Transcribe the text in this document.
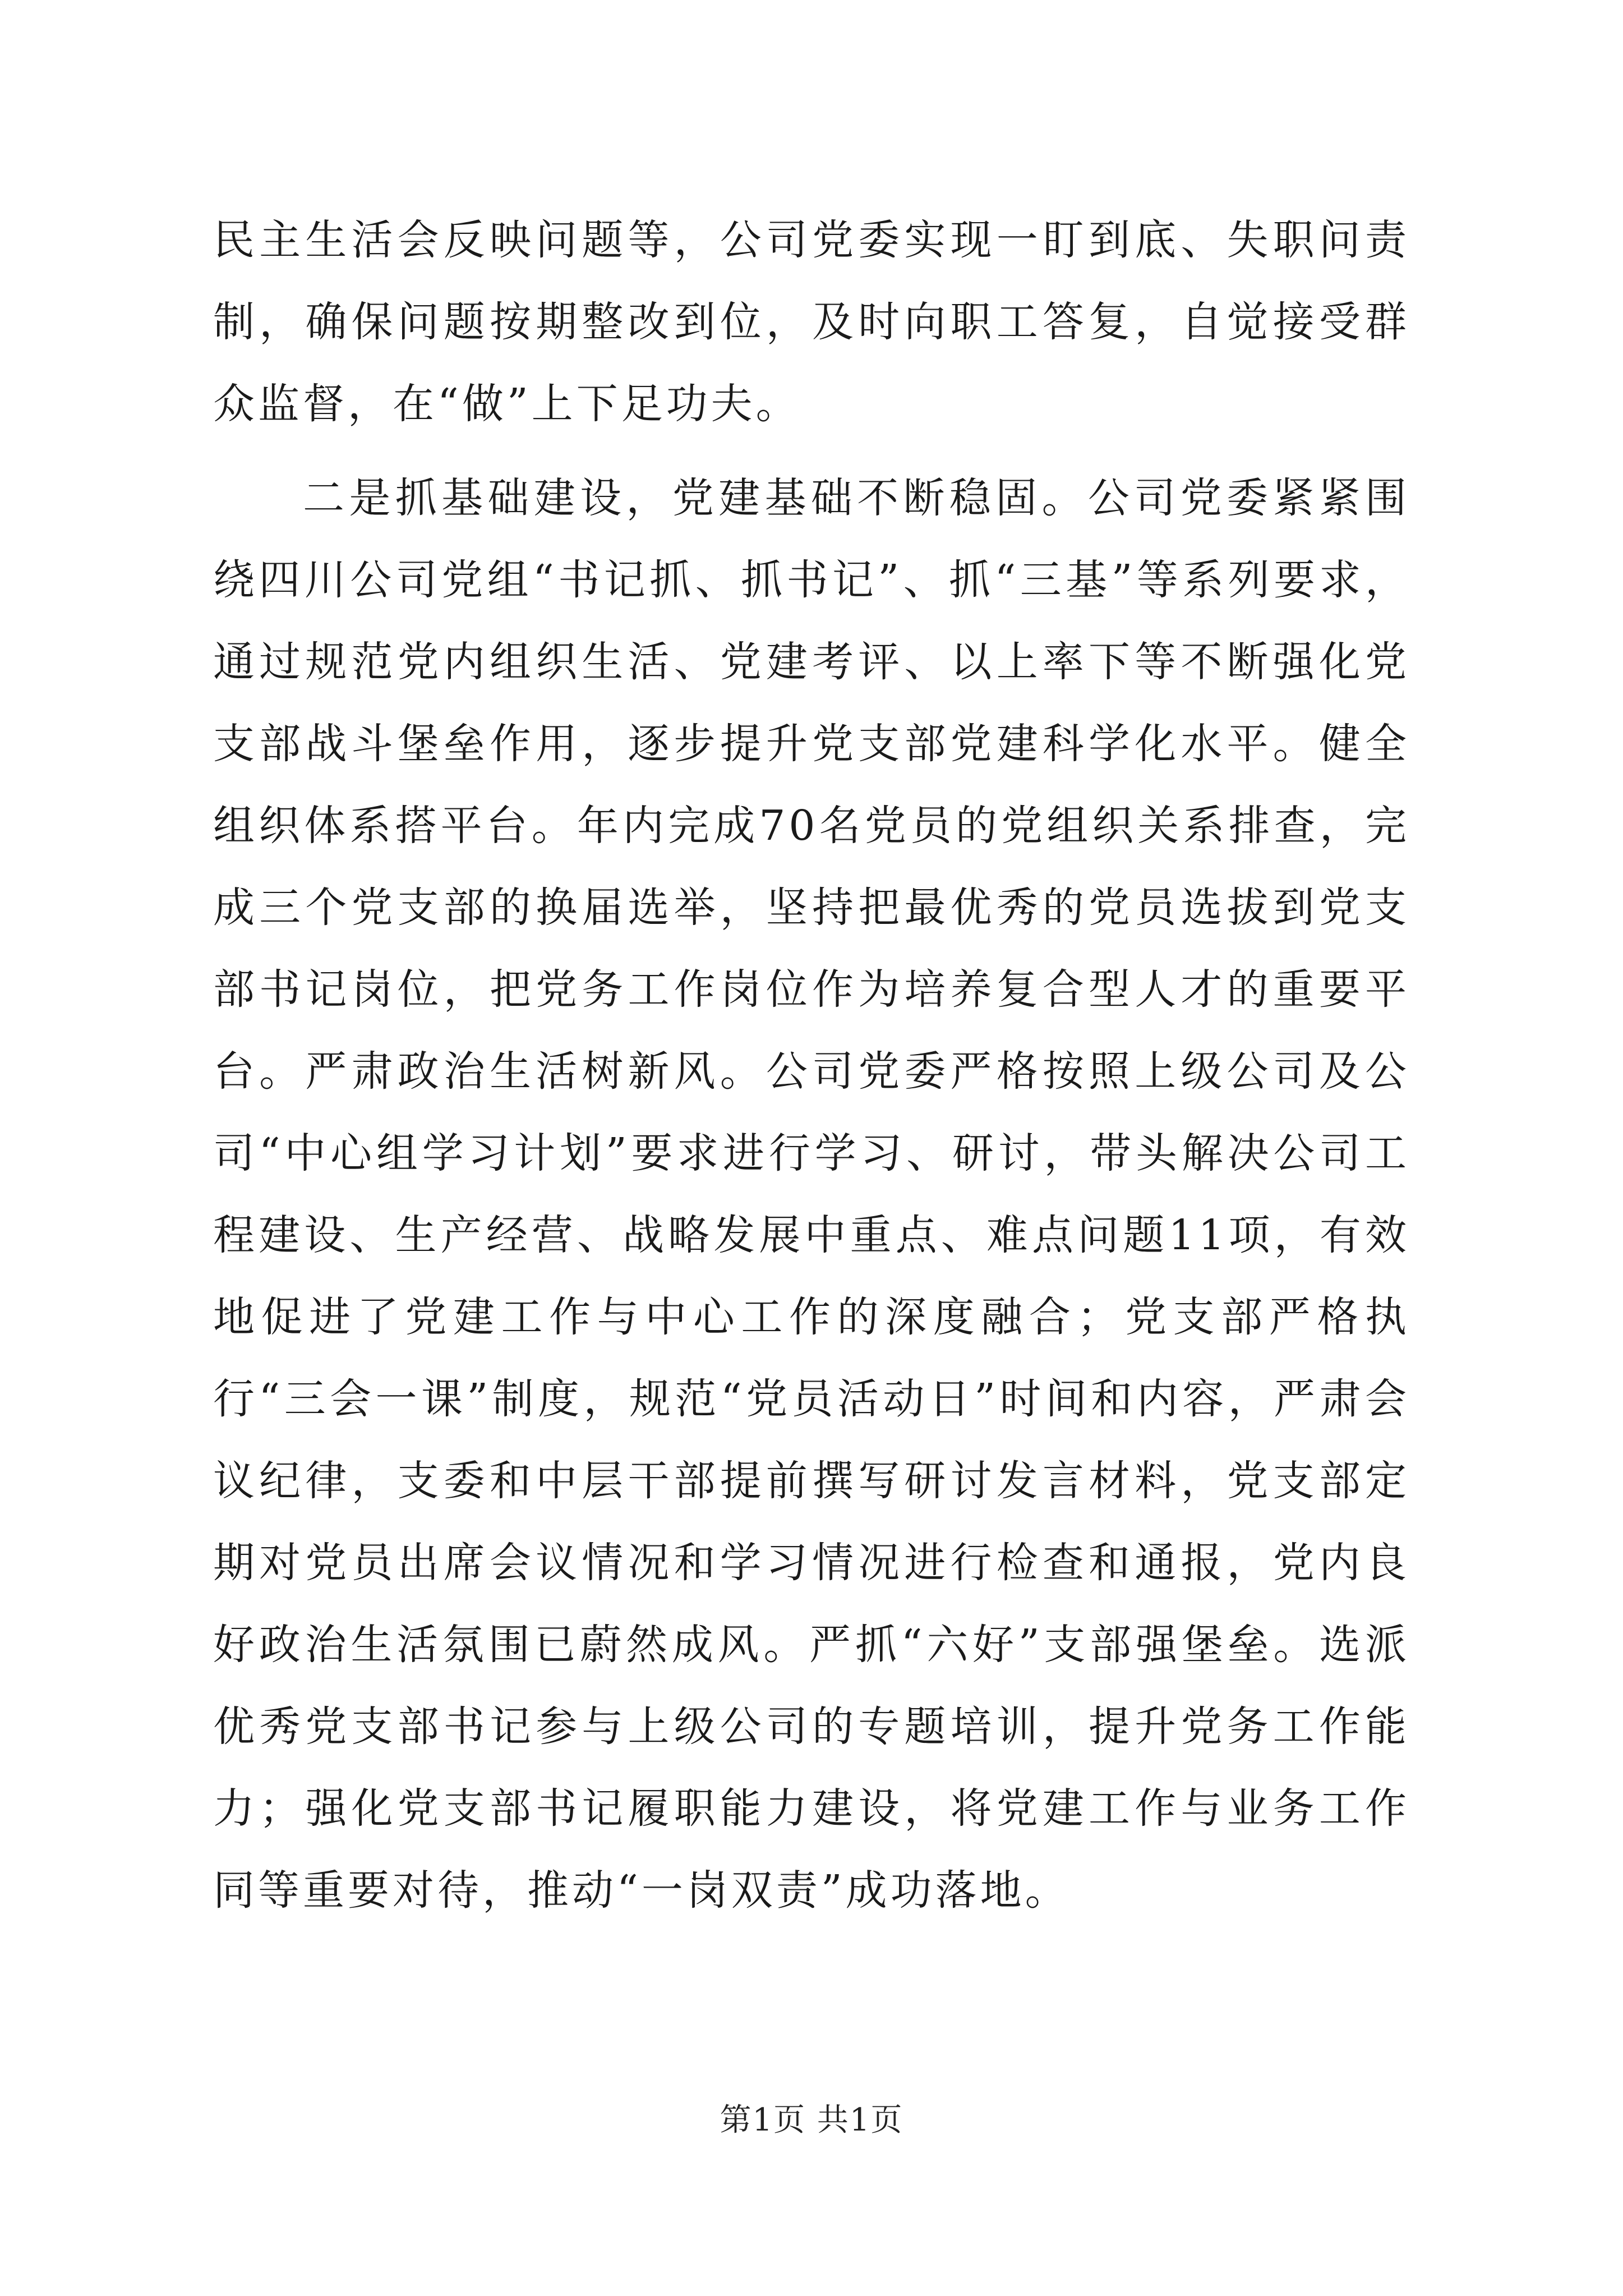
民主生活会反映问题等，公司党委实现一盯到底、失职问责制，确保问题按期整改到位，及时向职工答复，自觉接受群众监督，在“做”上下足功夫。

二是抓基础建设，党建基础不断稳固。公司党委紧紧围绕四川公司党组“书记抓、抓书记”、抓“三基”等系列要求，通过规范党内组织生活、党建考评、以上率下等不断强化党支部战斗堡垒作用，逐步提升党支部党建科学化水平。健全组织体系搭平台。年内完成70名党员的党组织关系排查，完成三个党支部的换届选举，坚持把最优秀的党员选拔到党支部书记岗位，把党务工作岗位作为培养复合型人才的重要平台。严肃政治生活树新风。公司党委严格按照上级公司及公司“中心组学习计划”要求进行学习、研讨，带头解决公司工程建设、生产经营、战略发展中重点、难点问题11项，有效地促进了党建工作与中心工作的深度融合；党支部严格执行“三会一课”制度，规范“党员活动日”时间和内容，严肃会议纪律，支委和中层干部提前撰写研讨发言材料，党支部定期对党员出席会议情况和学习情况进行检查和通报，党内良好政治生活氛围已蔚然成风。严抓“六好”支部强堡垒。选派优秀党支部书记参与上级公司的专题培训，提升党务工作能力；强化党支部书记履职能力建设，将党建工作与业务工作同等重要对待，推动“一岗双责”成功落地。

第1页 共1页
